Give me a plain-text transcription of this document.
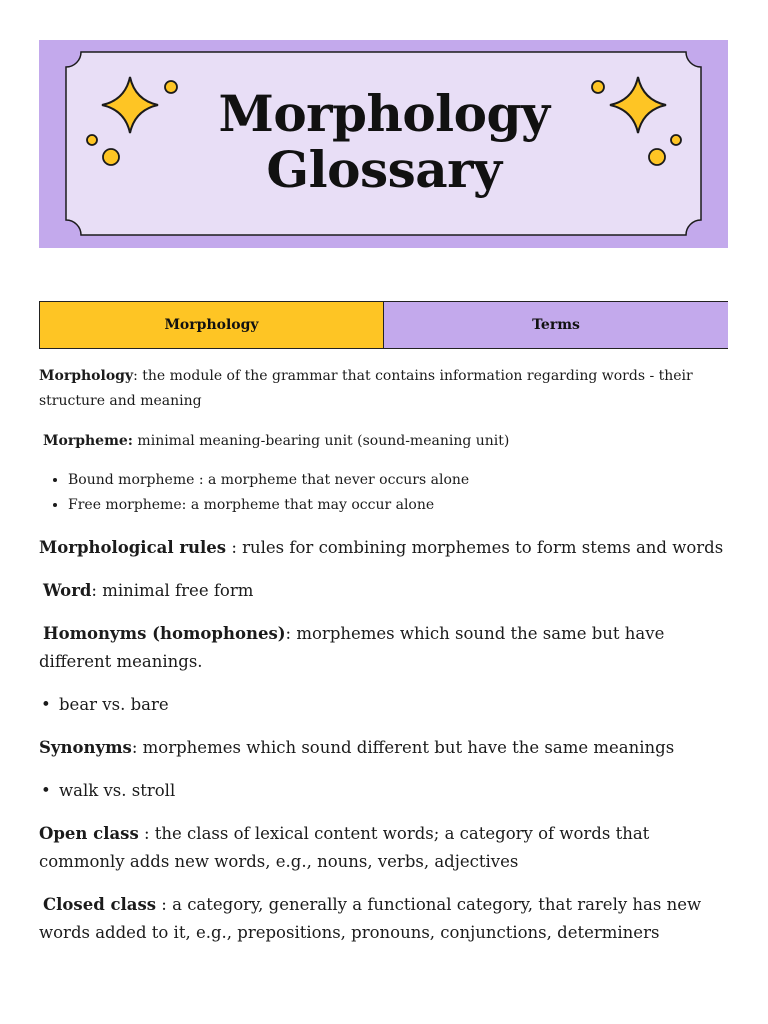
Morphology
Glossary
Morphology	Terms

Morphology: the module of the grammar that contains information regarding words - their structure and meaning

Morpheme: minimal meaning-bearing unit (sound-meaning unit)

• Bound morpheme : a morpheme that never occurs alone
• Free morpheme: a morpheme that may occur alone

Morphological rules : rules for combining morphemes to form stems and words

Word: minimal free form

Homonyms (homophones): morphemes which sound the same but have different meanings.

• bear vs. bare

Synonyms: morphemes which sound different but have the same meanings

• walk vs. stroll

Open class : the class of lexical content words; a category of words that commonly adds new words, e.g., nouns, verbs, adjectives

Closed class : a category, generally a functional category, that rarely has new words added to it, e.g., prepositions, pronouns, conjunctions, determiners
